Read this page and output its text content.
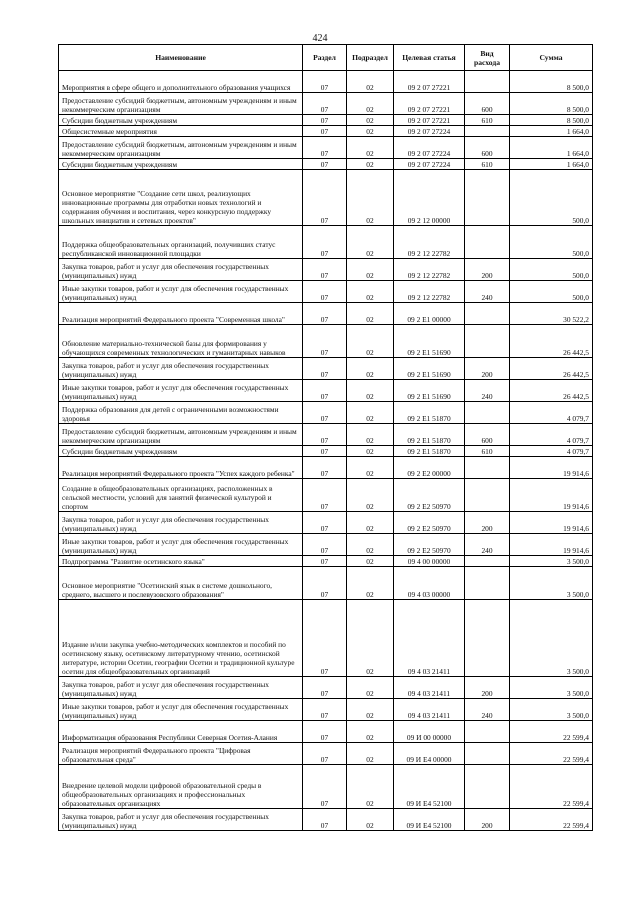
424
Наименование	Раздел	Подраздел	Целевая статья	Вид расхода	Сумма
Мероприятия в сфере общего и дополнительного образования учащихся	07	02	09 2 07 27221		8 500,0
Предоставление субсидий бюджетным, автономным учреждениям и иным некоммерческим организациям	07	02	09 2 07 27221	600	8 500,0
Субсидии бюджетным учреждениям	07	02	09 2 07 27221	610	8 500,0
Общесистемные мероприятия	07	02	09 2 07 27224		1 664,0
Предоставление субсидий бюджетным, автономным учреждениям и иным некоммерческим организациям	07	02	09 2 07 27224	600	1 664,0
Субсидии бюджетным учреждениям	07	02	09 2 07 27224	610	1 664,0
Основное мероприятие "Создание сети школ, реализующих инновационные программы для отработки новых технологий и содержания обучения и воспитания, через конкурсную поддержку школьных инициатив и сетевых проектов"	07	02	09 2 12 00000		500,0
Поддержка общеобразовательных организаций, получивших статус республиканской инновационной площадки	07	02	09 2 12 22782		500,0
Закупка товаров, работ и услуг для обеспечения государственных (муниципальных) нужд	07	02	09 2 12 22782	200	500,0
Иные закупки товаров, работ и услуг для обеспечения государственных (муниципальных) нужд	07	02	09 2 12 22782	240	500,0
Реализация мероприятий Федерального проекта "Современная школа"	07	02	09 2 Е1 00000		30 522,2
Обновление материально-технической базы для формирования у обучающихся современных технологических и гуманитарных навыков	07	02	09 2 Е1 51690		26 442,5
Закупка товаров, работ и услуг для обеспечения государственных (муниципальных) нужд	07	02	09 2 Е1 51690	200	26 442,5
Иные закупки товаров, работ и услуг для обеспечения государственных (муниципальных) нужд	07	02	09 2 Е1 51690	240	26 442,5
Поддержка образования для детей с ограниченными возможностями здоровья	07	02	09 2 Е1 51870		4 079,7
Предоставление субсидий бюджетным, автономным учреждениям и иным некоммерческим организациям	07	02	09 2 Е1 51870	600	4 079,7
Субсидии бюджетным учреждениям	07	02	09 2 Е1 51870	610	4 079,7
Реализация мероприятий Федерального проекта "Успех каждого ребенка"	07	02	09 2 Е2 00000		19 914,6
Создание в общеобразовательных организациях, расположенных в сельской местности, условий для занятий физической культурой и спортом	07	02	09 2 Е2 50970		19 914,6
Закупка товаров, работ и услуг для обеспечения государственных (муниципальных) нужд	07	02	09 2 Е2 50970	200	19 914,6
Иные закупки товаров, работ и услуг для обеспечения государственных (муниципальных) нужд	07	02	09 2 Е2 50970	240	19 914,6
Подпрограмма "Развитие осетинского языка"	07	02	09 4 00 00000		3 500,0
Основное мероприятие "Осетинский язык в системе дошкольного, среднего, высшего и послевузовского образования"	07	02	09 4 03 00000		3 500,0
Издание и/или закупка учебно-методических комплектов и пособий по осетинскому языку, осетинскому литературному чтению, осетинской литературе, истории Осетии, географии Осетии и традиционной культуре осетин для общеобразовательных организаций	07	02	09 4 03 21411		3 500,0
Закупка товаров, работ и услуг для обеспечения государственных (муниципальных) нужд	07	02	09 4 03 21411	200	3 500,0
Иные закупки товаров, работ и услуг для обеспечения государственных (муниципальных) нужд	07	02	09 4 03 21411	240	3 500,0
Информатизация образования Республики Северная Осетия-Алания	07	02	09 И 00 00000		22 599,4
Реализация мероприятий Федерального проекта "Цифровая образовательная среда"	07	02	09 И Е4 00000		22 599,4
Внедрение целевой модели цифровой образовательной среды в общеобразовательных организациях и профессиональных образовательных организациях	07	02	09 И Е4 52100		22 599,4
Закупка товаров, работ и услуг для обеспечения государственных (муниципальных) нужд	07	02	09 И Е4 52100	200	22 599,4
